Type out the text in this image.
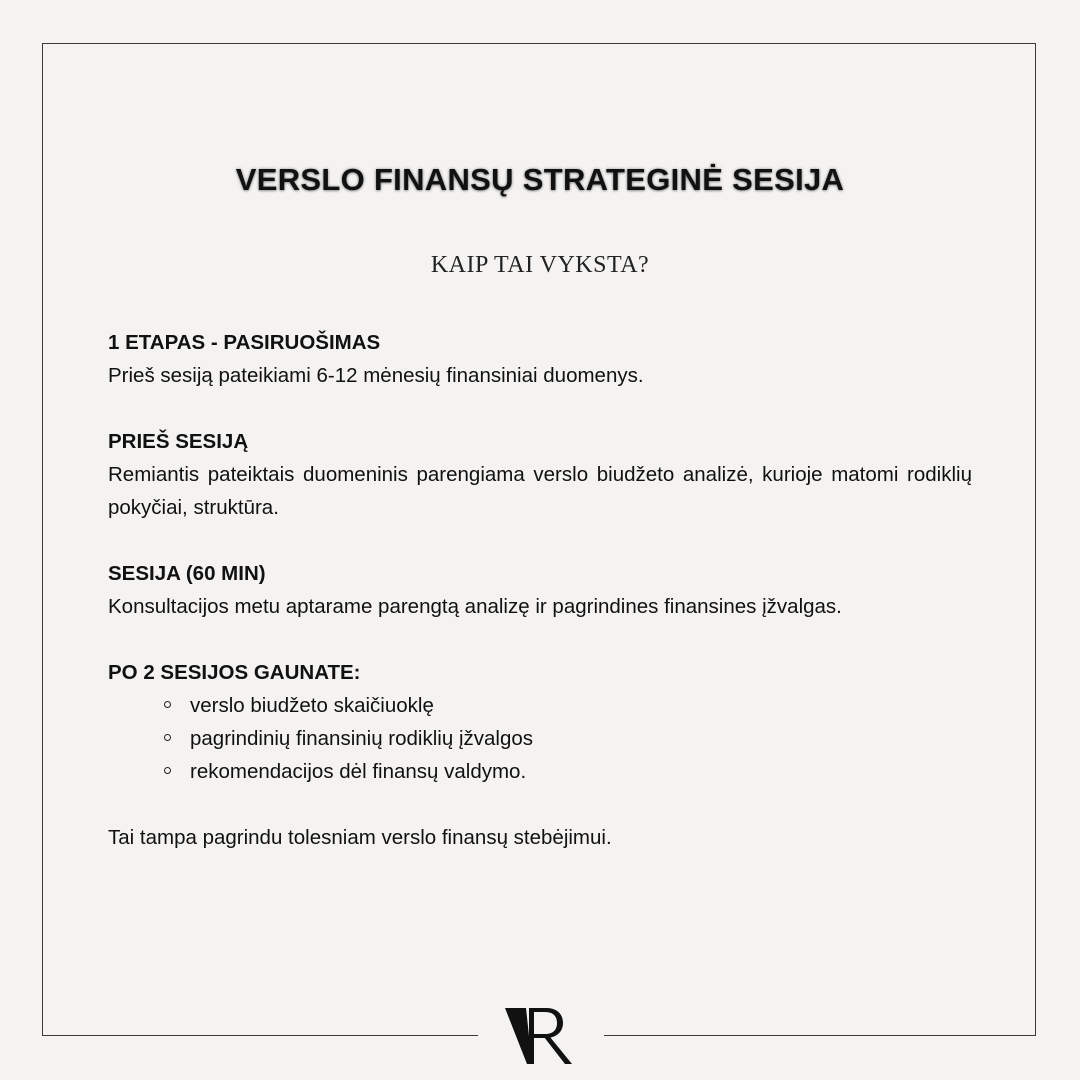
VERSLO FINANSŲ STRATEGINĖ SESIJA
KAIP TAI VYKSTA?
1 ETAPAS - PASIRUOŠIMAS
Prieš sesiją pateikiami 6-12 mėnesių finansiniai duomenys.
PRIEŠ SESIJĄ
Remiantis pateiktais duomeninis parengiama verslo biudžeto analizė, kurioje matomi rodiklių pokyčiai, struktūra.
SESIJA (60 MIN)
Konsultacijos metu aptarame parengtą analizę ir pagrindines finansines įžvalgas.
PO 2 SESIJOS GAUNATE:
verslo biudžeto skaičiuoklę
pagrindinių finansinių rodiklių įžvalgos
rekomendacijos dėl finansų valdymo.
Tai tampa pagrindu tolesniam verslo finansų stebėjimui.
